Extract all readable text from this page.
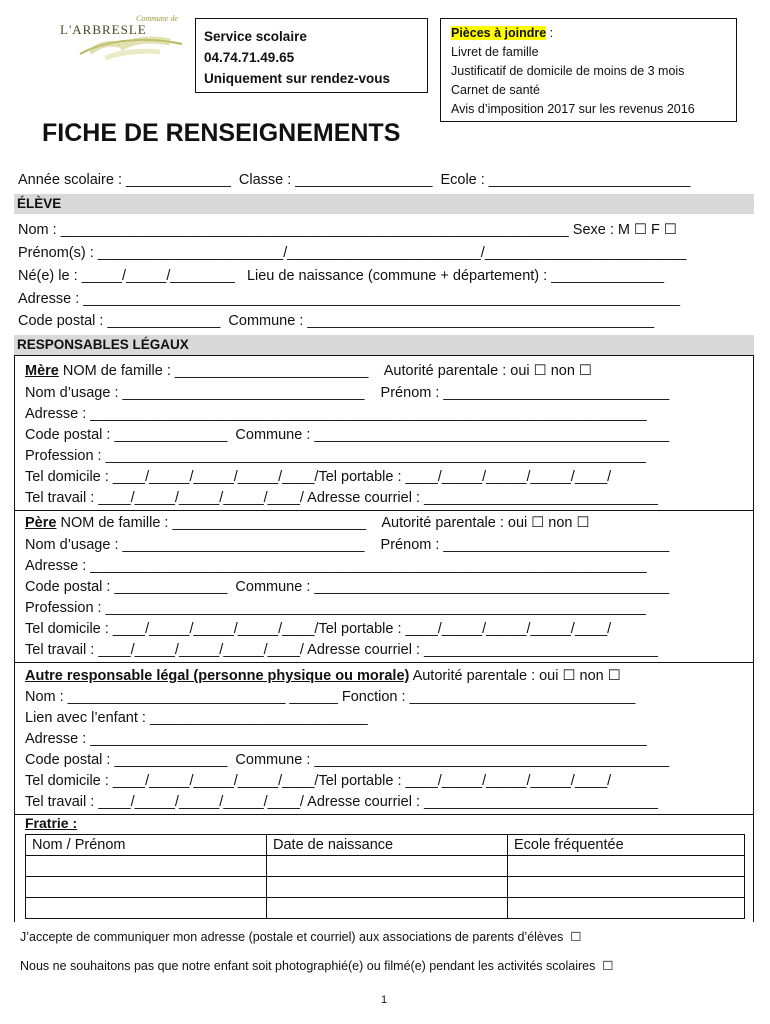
Commune de
L'ARBRESLE	Service scolaire
04.74.71.49.65
Uniquement sur rendez-vous
Pièces à joindre :
Livret de famille
Justificatif de domicile de moins de 3 mois
Carnet de santé
Avis d’imposition 2017 sur les revenus 2016
FICHE DE RENSEIGNEMENTS
Année scolaire : _____________  Classe : _________________  Ecole : _________________________
ÉLÈVE
Nom : _______________________________________________________________ Sexe : M ☐ F ☐
Prénom(s) : _______________________/________________________/_________________________
Né(e) le : _____/_____/________   Lieu de naissance (commune + département) : ______________
Adresse : __________________________________________________________________________
Code postal : ______________  Commune : ___________________________________________
RESPONSABLES LÉGAUX
Mère NOM de famille : ________________________    Autorité parentale : oui ☐ non ☐
Nom d’usage : ______________________________    Prénom : ____________________________
Adresse : _____________________________________________________________________
Code postal : ______________  Commune : ____________________________________________
Profession : ___________________________________________________________________
Tel domicile : ____/_____/_____/_____/____/Tel portable : ____/_____/_____/_____/____/
Tel travail : ____/_____/_____/_____/____/ Adresse courriel : _____________________________
Père NOM de famille : ________________________    Autorité parentale : oui ☐ non ☐
Nom d’usage : ______________________________    Prénom : ____________________________
Adresse : _____________________________________________________________________
Code postal : ______________  Commune : ____________________________________________
Profession : ___________________________________________________________________
Tel domicile : ____/_____/_____/_____/____/Tel portable : ____/_____/_____/_____/____/
Tel travail : ____/_____/_____/_____/____/ Adresse courriel : _____________________________
Autre responsable légal (personne physique ou morale) Autorité parentale : oui ☐ non ☐
Nom : ___________________________ ______ Fonction : ____________________________
Lien avec l’enfant : ___________________________
Adresse : _____________________________________________________________________
Code postal : ______________  Commune : ____________________________________________
Tel domicile : ____/_____/_____/_____/____/Tel portable : ____/_____/_____/_____/____/
Tel travail : ____/_____/_____/_____/____/ Adresse courriel : _____________________________
Fratrie :
Nom / Prénom	Date de naissance	Ecole fréquentée

J’accepte de communiquer mon adresse (postale et courriel) aux associations de parents d’élèves  ☐
Nous ne souhaitons pas que notre enfant soit photographié(e) ou filmé(e) pendant les activités scolaires  ☐
1
